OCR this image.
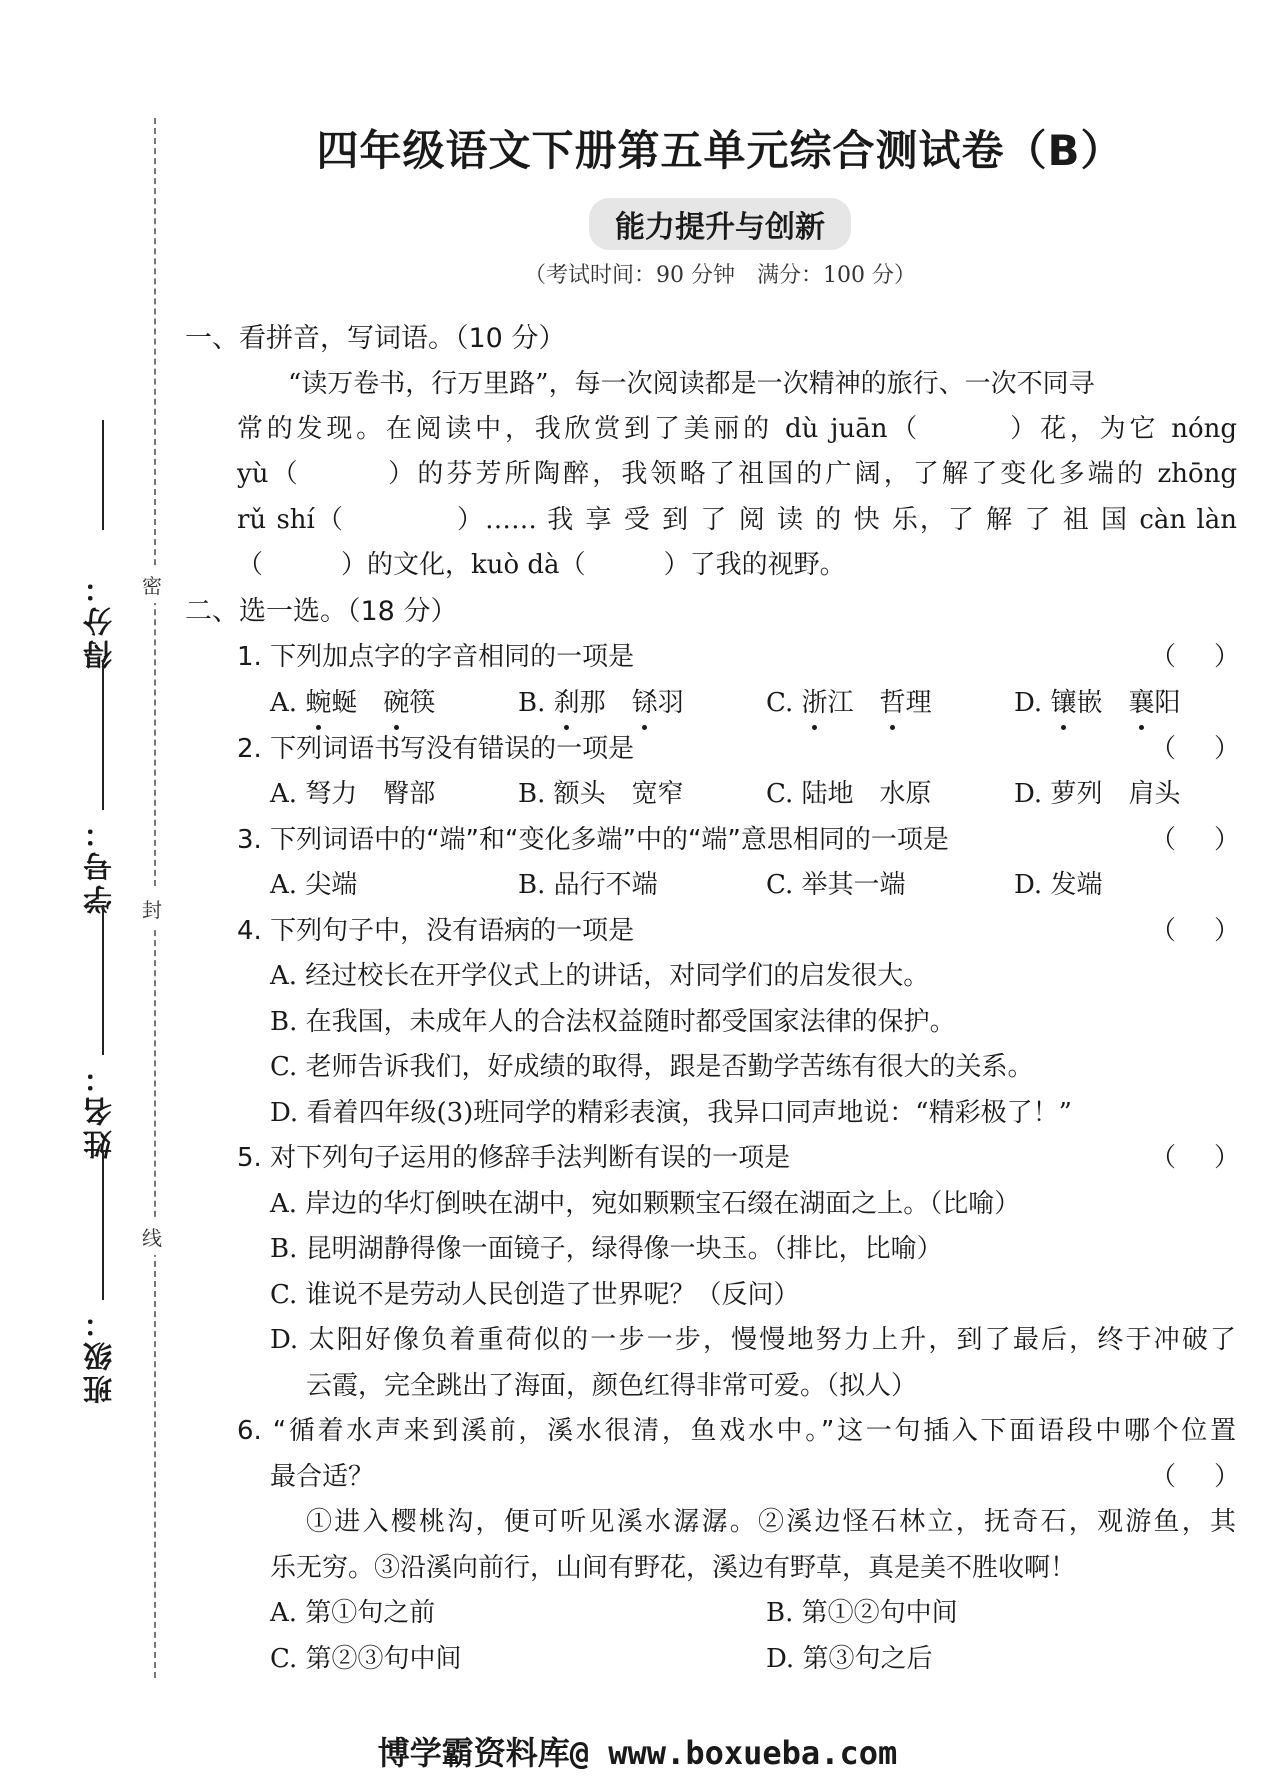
密
封
线
得分：
学号：
姓名：
班级：
四年级语文下册第五单元综合测试卷（B）
能力提升与创新
（考试时间：90 分钟　满分：100 分）
一、看拼音，写词语。（10 分）
“读万卷书，行万里路”，每一次阅读都是一次精神的旅行、一次不同寻
常的发现。在阅读中，我欣赏到了美丽的 dù juān（　　　）花，为它 nóng
yù（　　　）的芬芳所陶醉，我领略了祖国的广阔，了解了变化多端的 zhōng
rǔ shí（　　　　）…… 我 享 受 到 了 阅 读 的 快 乐，了 解 了 祖 国 càn làn
（　　　）的文化，kuò dà（　　　）了我的视野。
二、选一选。（18 分）
1. 下列加点字的字音相同的一项是	（ ）
A. 蜿蜒　 碗筷	B. 刹那　 铩羽	C. 浙江　 哲理	D. 镶嵌　 襄阳
2. 下列词语书写没有错误的一项是	（ ）
A. 弩力　臀部	B. 额头　宽窄	C. 陆地　水原	D. 萝列　肩头
3. 下列词语中的“端”和“变化多端”中的“端”意思相同的一项是	（ ）
A. 尖端	B. 品行不端	C. 举其一端	D. 发端
4. 下列句子中，没有语病的一项是	（ ）
A. 经过校长在开学仪式上的讲话，对同学们的启发很大。
B. 在我国，未成年人的合法权益随时都受国家法律的保护。
C. 老师告诉我们，好成绩的取得，跟是否勤学苦练有很大的关系。
D. 看着四年级(3)班同学的精彩表演，我异口同声地说：“精彩极了！”
5. 对下列句子运用的修辞手法判断有误的一项是	（ ）
A. 岸边的华灯倒映在湖中，宛如颗颗宝石缀在湖面之上。（比喻）
B. 昆明湖静得像一面镜子，绿得像一块玉。（排比，比喻）
C. 谁说不是劳动人民创造了世界呢？（反问）
D. 太阳好像负着重荷似的一步一步，慢慢地努力上升，到了最后，终于冲破了
云霞，完全跳出了海面，颜色红得非常可爱。（拟人）
6. “循着水声来到溪前，溪水很清，鱼戏水中。”这一句插入下面语段中哪个位置
最合适？	（ ）
①进入樱桃沟，便可听见溪水潺潺。②溪边怪石林立，抚奇石，观游鱼，其
乐无穷。③沿溪向前行，山间有野花，溪边有野草，真是美不胜收啊！
A. 第①句之前	B. 第①②句中间
C. 第②③句中间	D. 第③句之后
博学霸资料库@ www.boxueba.com
